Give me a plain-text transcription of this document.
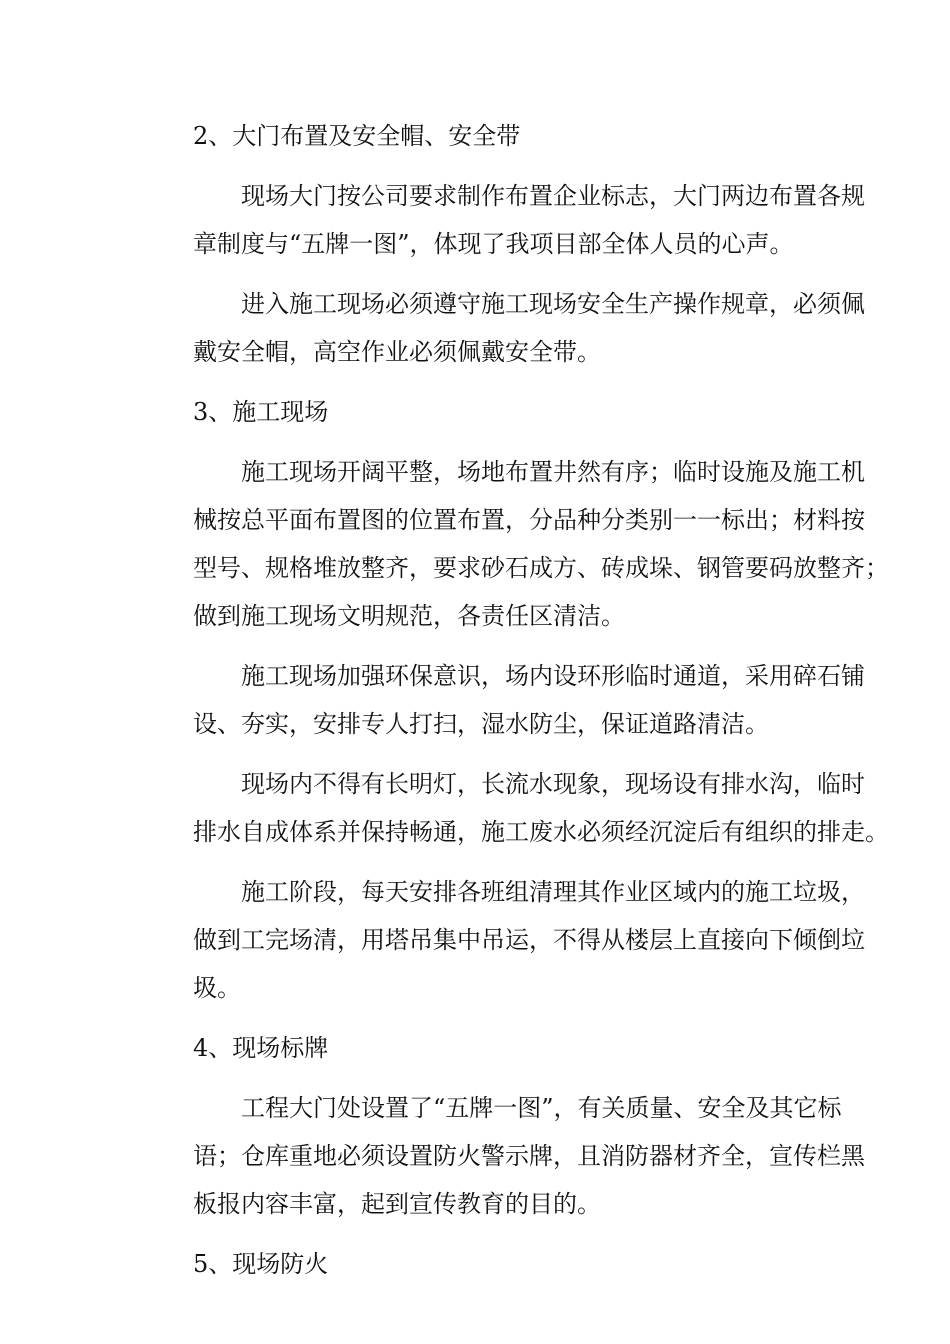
2、大门布置及安全帽、安全带
现场大门按公司要求制作布置企业标志，大门两边布置各规
章制度与“五牌一图”，体现了我项目部全体人员的心声。
进入施工现场必须遵守施工现场安全生产操作规章，必须佩
戴安全帽，高空作业必须佩戴安全带。
3、施工现场
施工现场开阔平整，场地布置井然有序；临时设施及施工机
械按总平面布置图的位置布置，分品种分类别一一标出；材料按
型号、规格堆放整齐，要求砂石成方、砖成垛、钢管要码放整齐；
做到施工现场文明规范，各责任区清洁。
施工现场加强环保意识，场内设环形临时通道，采用碎石铺
设、夯实，安排专人打扫，湿水防尘，保证道路清洁。
现场内不得有长明灯，长流水现象，现场设有排水沟，临时
排水自成体系并保持畅通，施工废水必须经沉淀后有组织的排走。
施工阶段，每天安排各班组清理其作业区域内的施工垃圾，
做到工完场清，用塔吊集中吊运，不得从楼层上直接向下倾倒垃
圾。
4、现场标牌
工程大门处设置了“五牌一图”，有关质量、安全及其它标
语；仓库重地必须设置防火警示牌，且消防器材齐全，宣传栏黑
板报内容丰富，起到宣传教育的目的。
5、现场防火
